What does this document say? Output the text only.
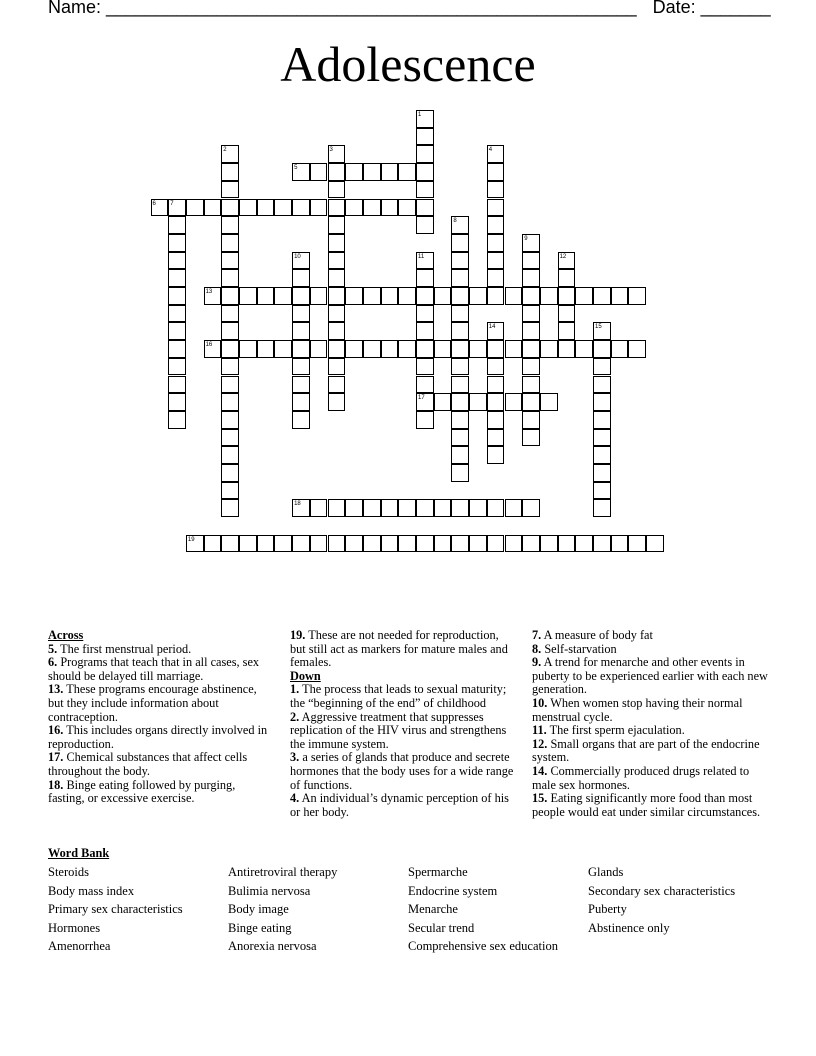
Name: _____________________________________________________ Date: _______
Adolescence
1
2	3	4
5
6 7
8
9
10	11	12
13
14	15
16
17
18
19
Across

5. The first menstrual period.

6. Programs that teach that in all cases, sex should be delayed till marriage.

13. These programs encourage abstinence, but they include information about contraception.

16. This includes organs directly involved in reproduction.

17. Chemical substances that affect cells throughout the body.

18. Binge eating followed by purging, fasting, or excessive exercise.

19. These are not needed for reproduction, but still act as markers for mature males and females.

Down

1. The process that leads to sexual maturity; the “beginning of the end” of childhood

2. Aggressive treatment that suppresses replication of the HIV virus and strengthens the immune system.

3. a series of glands that produce and secrete hormones that the body uses for a wide range of functions.

4. An individual’s dynamic perception of his or her body.

7. A measure of body fat

8. Self-starvation

9. A trend for menarche and other events in puberty to be experienced earlier with each new generation.

10. When women stop having their normal menstrual cycle.

11. The first sperm ejaculation.

12. Small organs that are part of the endocrine system.

14. Commercially produced drugs related to male sex hormones.

15. Eating significantly more food than most people would eat under similar circumstances.

Word Bank
Steroids
Body mass index
Primary sex characteristics
Hormones
Amenorrhea
Antiretroviral therapy
Bulimia nervosa
Body image
Binge eating
Anorexia nervosa
Spermarche
Endocrine system
Menarche
Secular trend
Comprehensive sex education
Glands
Secondary sex characteristics
Puberty
Abstinence only
